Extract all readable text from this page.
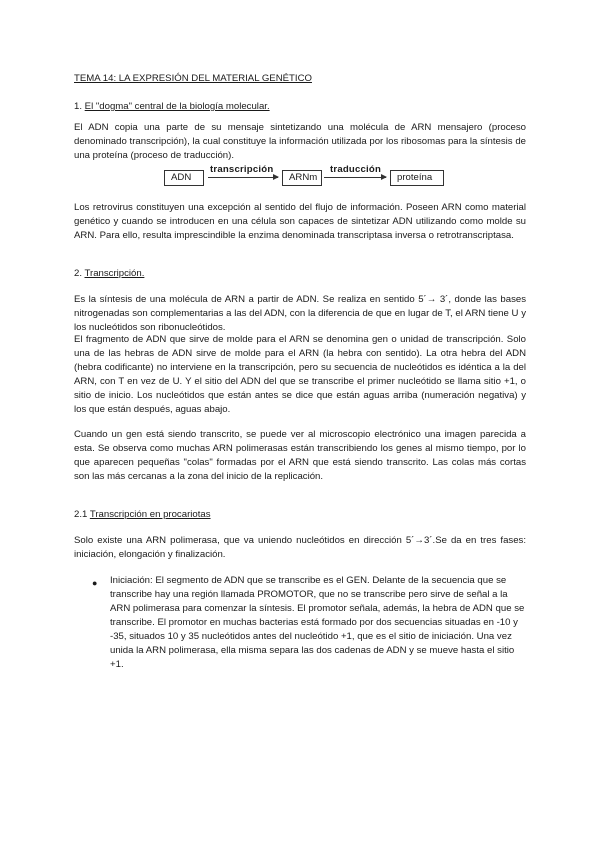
TEMA 14: LA EXPRESIÓN DEL MATERIAL GENÉTICO

1. El "dogma" central de la biología molecular.

El ADN copia una parte de su mensaje sintetizando una molécula de ARN mensajero (proceso denominado transcripción), la cual constituye la información utilizada por los ribosomas para la síntesis de una proteína (proceso de traducción).

ADN
transcripción
ARNm
traducción
proteína

Los retrovirus constituyen una excepción al sentido del flujo de información. Poseen ARN como material genético y cuando se introducen en una célula son capaces de sintetizar ADN utilizando como molde su ARN. Para ello, resulta imprescindible la enzima denominada transcriptasa inversa o retrotranscriptasa.

2. Transcripción.

Es la síntesis de una molécula de ARN a partir de ADN. Se realiza en sentido 5´→ 3´, donde las bases nitrogenadas son complementarias a las del ADN, con la diferencia de que en lugar de T, el ARN tiene U y los nucleótidos son ribonucleótidos.

El fragmento de ADN que sirve de molde para el ARN se denomina gen o unidad de transcripción. Solo una de las hebras de ADN sirve de molde para el ARN (la hebra con sentido). La otra hebra del ADN (hebra codificante) no interviene en la transcripción, pero su secuencia de nucleótidos es idéntica a la del ARN, con T en vez de U. Y el sitio del ADN del que se transcribe el primer nucleótido se llama sitio +1, o sitio de inicio. Los nucleótidos que están antes se dice que están aguas arriba (numeración negativa) y los que están después, aguas abajo.

Cuando un gen está siendo transcrito, se puede ver al microscopio electrónico una imagen parecida a esta. Se observa como muchas ARN polimerasas están transcribiendo los genes al mismo tiempo, por lo que aparecen pequeñas "colas" formadas por el ARN que está siendo transcrito. Las colas más cortas son las más cercanas a la zona del inicio de la replicación.

2.1 Transcripción en procariotas

Solo existe una ARN polimerasa, que va uniendo nucleótidos en dirección 5´→3´.Se da en tres fases: iniciación, elongación y finalización.

● Iniciación: El segmento de ADN que se transcribe es el GEN. Delante de la secuencia que se transcribe hay una región llamada PROMOTOR, que no se transcribe pero sirve de señal a la ARN polimerasa para comenzar la síntesis. El promotor señala, además, la hebra de ADN que se transcribe. El promotor en muchas bacterias está formado por dos secuencias situadas en -10 y -35, situados 10 y 35 nucleótidos antes del nucleótido +1, que es el sitio de iniciación. Una vez unida la ARN polimerasa, ella misma separa las dos cadenas de ADN y se mueve hasta el sitio +1.
